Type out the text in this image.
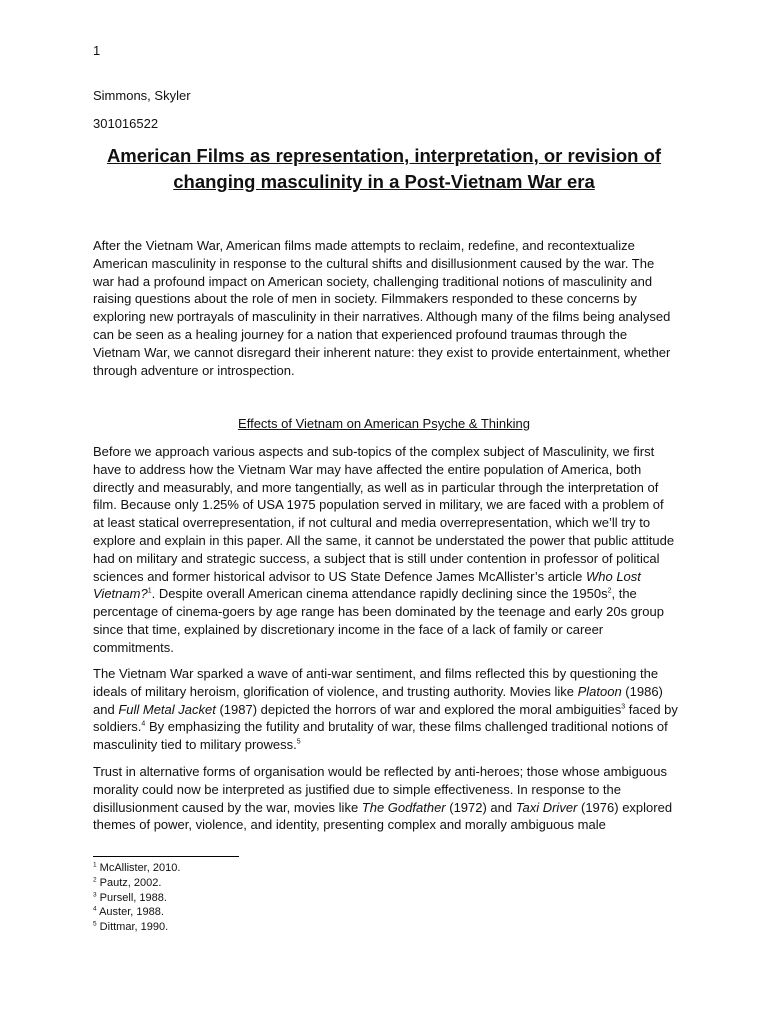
1
Simmons, Skyler
301016522
American Films as representation, interpretation, or revision of
changing masculinity in a Post-Vietnam War era

After the Vietnam War, American films made attempts to reclaim, redefine, and recontextualize American masculinity in response to the cultural shifts and disillusionment caused by the war. The war had a profound impact on American society, challenging traditional notions of masculinity and raising questions about the role of men in society. Filmmakers responded to these concerns by exploring new portrayals of masculinity in their narratives. Although many of the films being analysed can be seen as a healing journey for a nation that experienced profound traumas through the Vietnam War, we cannot disregard their inherent nature: they exist to provide entertainment, whether through adventure or introspection.

Effects of Vietnam on American Psyche & Thinking

Before we approach various aspects and sub-topics of the complex subject of Masculinity, we first have to address how the Vietnam War may have affected the entire population of America, both directly and measurably, and more tangentially, as well as in particular through the interpretation of film. Because only 1.25% of USA 1975 population served in military, we are faced with a problem of at least statical overrepresentation, if not cultural and media overrepresentation, which we’ll try to explore and explain in this paper. All the same, it cannot be understated the power that public attitude had on military and strategic success, a subject that is still under contention in professor of political sciences and former historical advisor to US State Defence James McAllister’s article Who Lost Vietnam?$^1$. Despite overall American cinema attendance rapidly declining since the $1950s^2$, the percentage of cinema-goers by age range has been dominated by the teenage and early 20s group since that time, explained by discretionary income in the face of a lack of family or career commitments.

The Vietnam War sparked a wave of anti-war sentiment, and films reflected this by questioning the ideals of military heroism, glorification of violence, and trusting authority. Movies like Platoon (1986) and Full Metal Jacket (1987) depicted the horrors of war and explored the moral ambiguities$^3$ faced by soldiers.$^4$ By emphasizing the futility and brutality of war, these films challenged traditional notions of masculinity tied to military prowess.$^5$

Trust in alternative forms of organisation would be reflected by anti-heroes; those whose ambiguous morality could now be interpreted as justified due to simple effectiveness. In response to the disillusionment caused by the war, movies like The Godfather (1972) and Taxi Driver (1976) explored themes of power, violence, and identity, presenting complex and morally ambiguous male

$^1$ McAllister, 2010.
$^2$ Pautz, 2002.
$^3$ Pursell, 1988.
$^4$ Auster, 1988.
$^5$ Dittmar, 1990.
